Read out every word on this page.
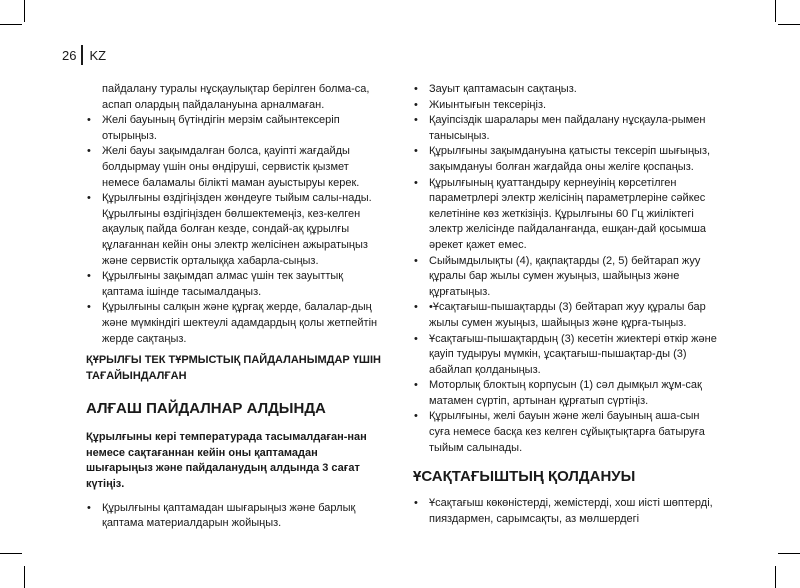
26 KZ

пайдалану туралы нұсқаулықтар берілген болма-са, аспап олардың пайдалануына арналмаған.

• Желі бауының бүтіндігін мерзім сайынтексеріп отырыңыз.
• Желі бауы зақымдалған болса, қауіпті жағдайды болдырмау үшін оны өндіруші, сервистік қызмет немесе баламалы білікті маман ауыстыруы керек.
• Құрылғыны өздігіңізден жөндеуге тыйым салы-нады. Құрылғыны өздігіңізден бөлшектемеңіз, кез-келген ақаулық пайда болған кезде, сондай-ақ құрылғы құлағаннан кейін оны электр желісінен ажыратыңыз және сервистік орталыққа хабарла-сыңыз.
• Құрылғыны зақымдап алмас үшін тек зауыттық қаптама ішінде тасымалдаңыз.
• Құрылғыны салқын және құрғақ жерде, балалар-дың және мүмкіндігі шектеулі адамдардың қолы жетпейтін жерде сақтаңыз.

ҚҰРЫЛҒЫ ТЕК ТҰРМЫСТЫҚ ПАЙДАЛАНЫМДАР ҮШІН ТАҒАЙЫНДАЛҒАН

АЛҒАШ ПАЙДАЛНАР АЛДЫНДА

Құрылғыны кері температурада тасымалдаған-нан немесе сақтағаннан кейін оны қаптамадан шығарыңыз және пайдаланудың алдында 3 сағат күтіңіз.

• Құрылғыны қаптамадан шығарыңыз және барлық қаптама материалдарын жойыңыз.
• Зауыт қаптамасын сақтаңыз.
• Жиынтығын тексеріңіз.
• Қауіпсіздік шаралары мен пайдалану нұсқаула-рымен танысыңыз.
• Құрылғыны зақымдануына қатысты тексеріп шығыңыз, зақымдануы болған жағдайда оны желіге қоспаңыз.
• Құрылғының қуаттандыру кернеуінің көрсетілген параметрлері электр желісінің параметрлеріне сәйкес келетініне көз жеткізіңіз. Құрылғыны 60 Гц жиіліктегі электр желісінде пайдаланғанда, ешқан-дай қосымша әрекет қажет емес.
• Сыйымдылықты (4), қақпақтарды (2, 5) бейтарап жуу құралы бар жылы сумен жуыңыз, шайыңыз және құрғатыңыз.
• •Ұсақтағыш-пышақтарды (3) бейтарап жуу құралы бар жылы сумен жуыңыз, шайыңыз және құрға-тыңыз.
• Ұсақтағыш-пышақтардың (3) кесетін жиектері өткір және қауіп тудыруы мүмкін, ұсақтағыш-пышақтар-ды (3) абайлап қолданыңыз.
• Моторлық блоктың корпусын (1) сәл дымқыл жұм-сақ матамен сүртіп, артынан құрғатып сүртіңіз.
• Құрылғыны, желі бауын және желі бауының аша-сын суға немесе басқа кез келген сұйықтықтарға батыруға тыйым салынады.
ҰСАҚТАҒЫШТЫҢ ҚОЛДАНУЫ
• Ұсақтағыш көкөністерді, жемістерді, хош иісті шөптерді, пияздармен, сарымсақты, аз мөлшердегі
